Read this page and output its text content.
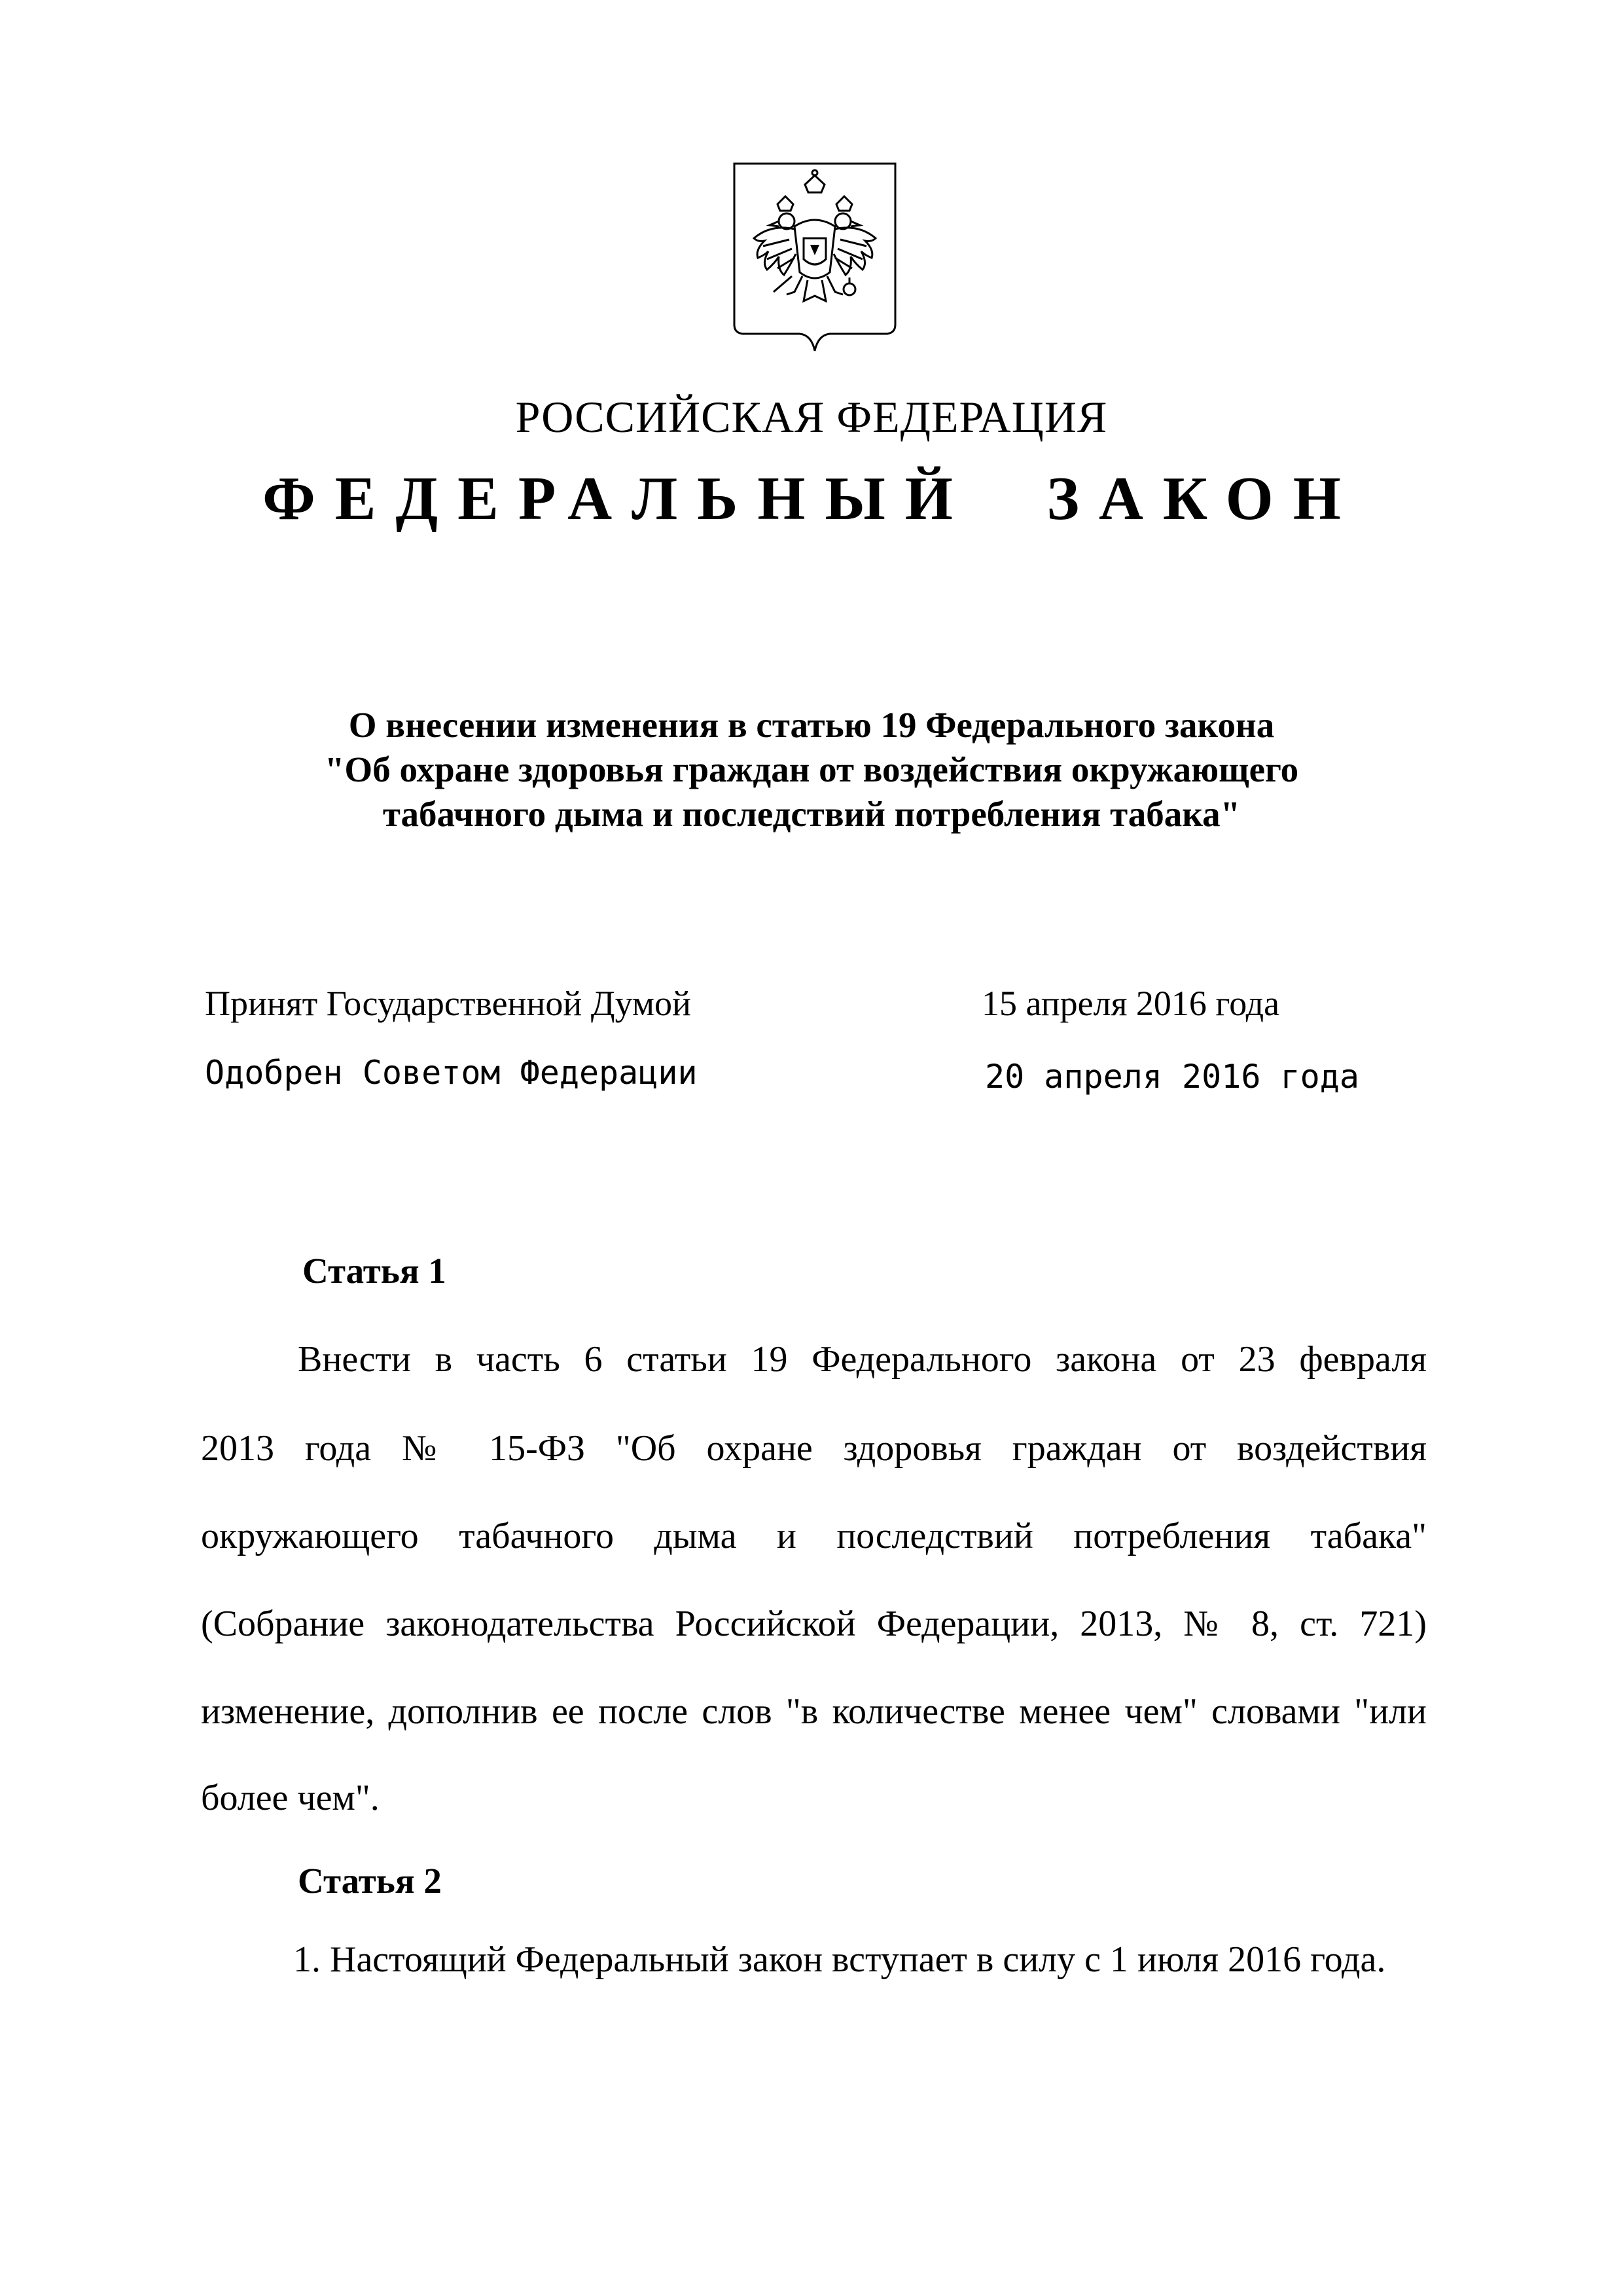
РОССИЙСКАЯ ФЕДЕРАЦИЯ
ФЕДЕРАЛЬНЫЙ ЗАКОН
О внесении изменения в статью 19 Федерального закона
"Об охране здоровья граждан от воздействия окружающего
табачного дыма и последствий потребления табака"
Принят Государственной Думой	15 апреля 2016 года
Одобрен Советом Федерации	20 апреля 2016 года
Статья 1
Внести в часть 6 статьи 19 Федерального закона от 23 февраля
2013 года № 15-ФЗ "Об охране здоровья граждан от воздействия
окружающего табачного дыма и последствий потребления табака"
(Собрание законодательства Российской Федерации, 2013, № 8, ст. 721)
изменение, дополнив ее после слов "в количестве менее чем" словами "или
более чем".
Статья 2
1. Настоящий Федеральный закон вступает в силу с 1 июля 2016 года.
